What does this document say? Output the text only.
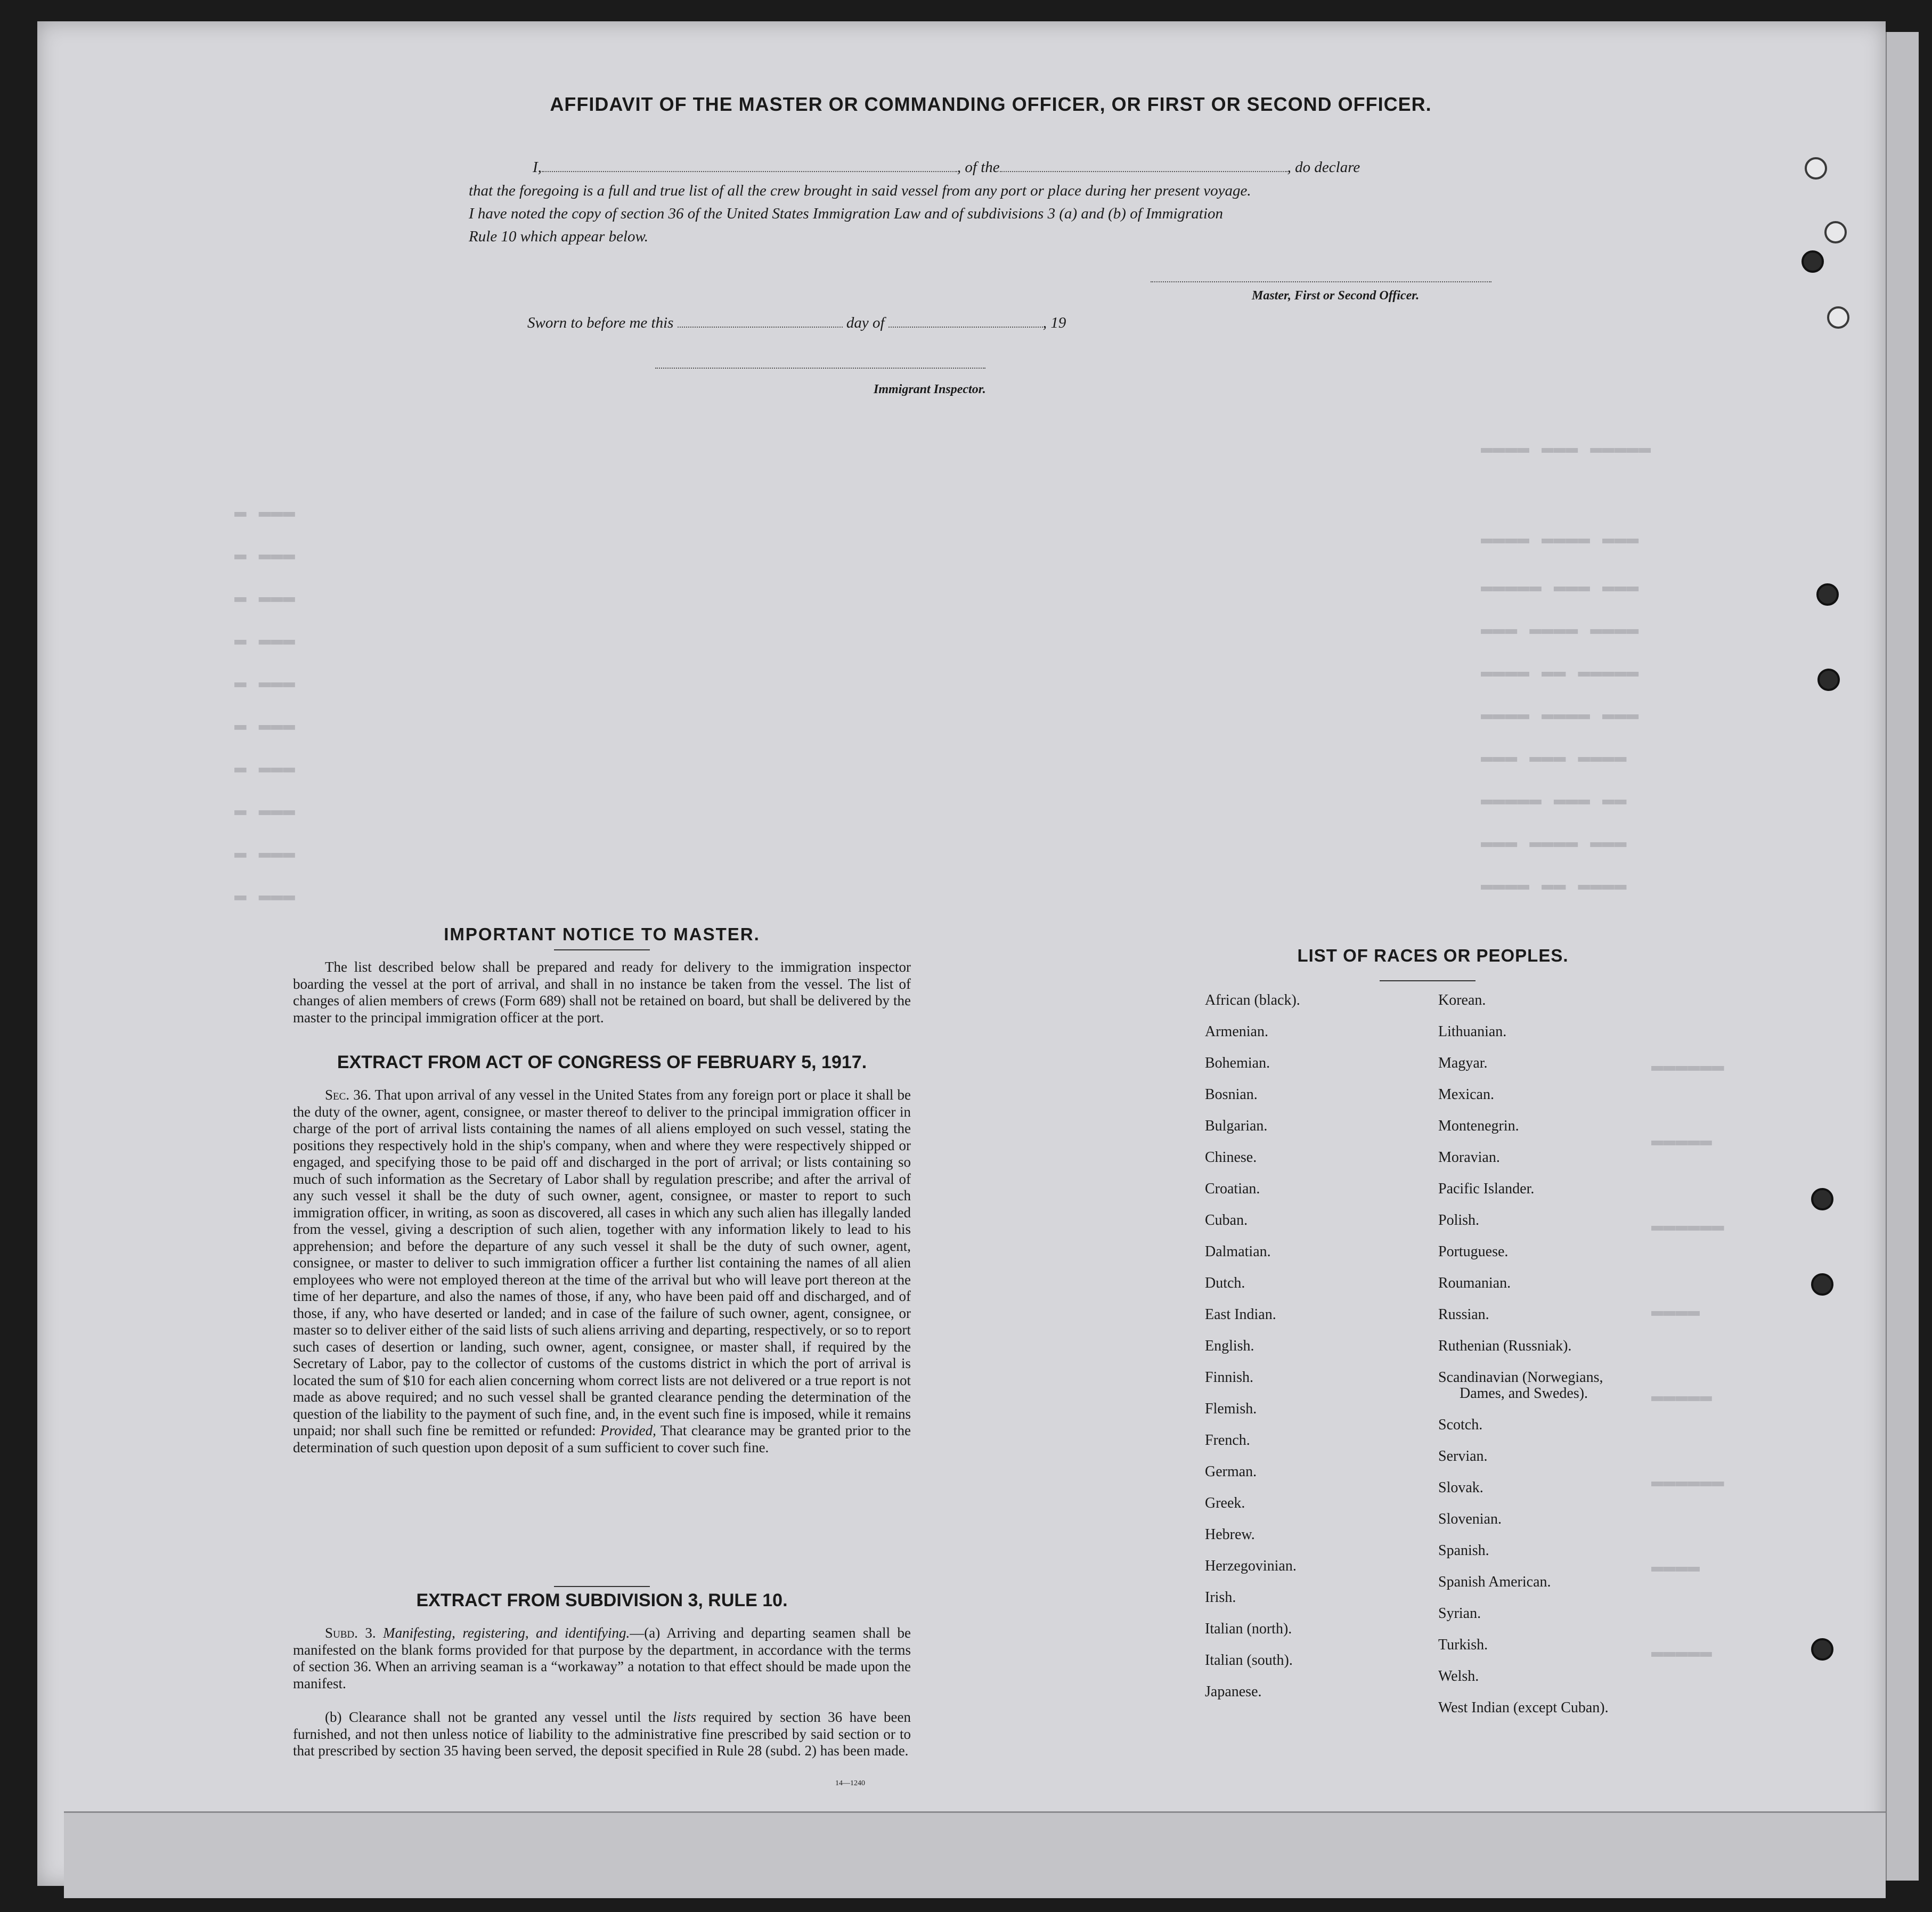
▬▬▬▬ ▬▬▬ ▬▬▬▬▬
▬▬▬▬ ▬▬▬▬ ▬▬▬
▬▬▬▬▬ ▬▬▬ ▬▬▬
▬▬▬ ▬▬▬▬ ▬▬▬▬
▬▬▬▬ ▬▬ ▬▬▬▬▬
▬▬▬▬ ▬▬▬▬ ▬▬▬
▬▬▬ ▬▬▬ ▬▬▬▬
▬▬▬▬▬ ▬▬▬ ▬▬
▬▬▬ ▬▬▬▬ ▬▬▬
▬▬▬▬ ▬▬ ▬▬▬▬
▬ ▬▬▬
▬ ▬▬▬
▬ ▬▬▬
▬ ▬▬▬
▬ ▬▬▬
▬ ▬▬▬
▬ ▬▬▬
▬ ▬▬▬
▬ ▬▬▬
▬ ▬▬▬
▬▬▬▬▬▬
▬▬▬▬▬
▬▬▬▬▬▬
▬▬▬▬
▬▬▬▬▬
▬▬▬▬▬▬
▬▬▬▬
▬▬▬▬▬
AFFIDAVIT OF THE MASTER OR COMMANDING OFFICER, OR FIRST OR SECOND OFFICER.
I,	, of the	, do declare
that the foregoing is a full and true list of all the crew brought in said vessel from any port or place during her present voyage.
I have noted the copy of section 36 of the United States Immigration Law and of subdivisions 3 (a) and (b) of Immigration
Rule 10 which appear below.
Master, First or Second Officer.
Sworn to before me this	day of	, 19
Immigrant Inspector.
IMPORTANT NOTICE TO MASTER.
The list described below shall be prepared and ready for delivery to the immigration inspector boarding the vessel at the port of arrival, and shall in no instance be taken from the vessel. The list of changes of alien members of crews (Form 689) shall not be retained on board, but shall be delivered by the master to the principal immigration officer at the port.
EXTRACT FROM ACT OF CONGRESS OF FEBRUARY 5, 1917.
Sec. 36. That upon arrival of any vessel in the United States from any foreign port or place it shall be the duty of the owner, agent, consignee, or master thereof to deliver to the principal immigration officer in charge of the port of arrival lists containing the names of all aliens employed on such vessel, stating the positions they respectively hold in the ship's company, when and where they were respectively shipped or engaged, and specifying those to be paid off and discharged in the port of arrival; or lists containing so much of such information as the Secretary of Labor shall by regulation prescribe; and after the arrival of any such vessel it shall be the duty of such owner, agent, consignee, or master to report to such immigration officer, in writing, as soon as discovered, all cases in which any such alien has illegally landed from the vessel, giving a description of such alien, together with any information likely to lead to his apprehension; and before the departure of any such vessel it shall be the duty of such owner, agent, consignee, or master to deliver to such immigration officer a further list containing the names of all alien employees who were not employed thereon at the time of the arrival but who will leave port thereon at the time of her departure, and also the names of those, if any, who have been paid off and discharged, and of those, if any, who have deserted or landed; and in case of the failure of such owner, agent, consignee, or master so to deliver either of the said lists of such aliens arriving and departing, respectively, or so to report such cases of desertion or landing, such owner, agent, consignee, or master shall, if required by the Secretary of Labor, pay to the collector of customs of the customs district in which the port of arrival is located the sum of $10 for each alien concerning whom correct lists are not delivered or a true report is not made as above required; and no such vessel shall be granted clearance pending the determination of the question of the liability to the payment of such fine, and, in the event such fine is imposed, while it remains unpaid; nor shall such fine be remitted or refunded: Provided, That clearance may be granted prior to the determination of such question upon deposit of a sum sufficient to cover such fine.
EXTRACT FROM SUBDIVISION 3, RULE 10.
Subd. 3. Manifesting, registering, and identifying.—(a) Arriving and departing seamen shall be manifested on the blank forms provided for that purpose by the department, in accordance with the terms of section 36. When an arriving seaman is a “workaway” a notation to that effect should be made upon the manifest.
(b) Clearance shall not be granted any vessel until the lists required by section 36 have been furnished, and not then unless notice of liability to the administrative fine prescribed by said section or to that prescribed by section 35 having been served, the deposit specified in Rule 28 (subd. 2) has been made.
14—1240
LIST OF RACES OR PEOPLES.
African (black).
Armenian.
Bohemian.
Bosnian.
Bulgarian.
Chinese.
Croatian.
Cuban.
Dalmatian.
Dutch.
East Indian.
English.
Finnish.
Flemish.
French.
German.
Greek.
Hebrew.
Herzegovinian.
Irish.
Italian (north).
Italian (south).
Japanese.
Korean.
Lithuanian.
Magyar.
Mexican.
Montenegrin.
Moravian.
Pacific Islander.
Polish.
Portuguese.
Roumanian.
Russian.
Ruthenian (Russniak).
Scandinavian (Norwegians,
Dames, and Swedes).
Scotch.
Servian.
Slovak.
Slovenian.
Spanish.
Spanish American.
Syrian.
Turkish.
Welsh.
West Indian (except Cuban).
